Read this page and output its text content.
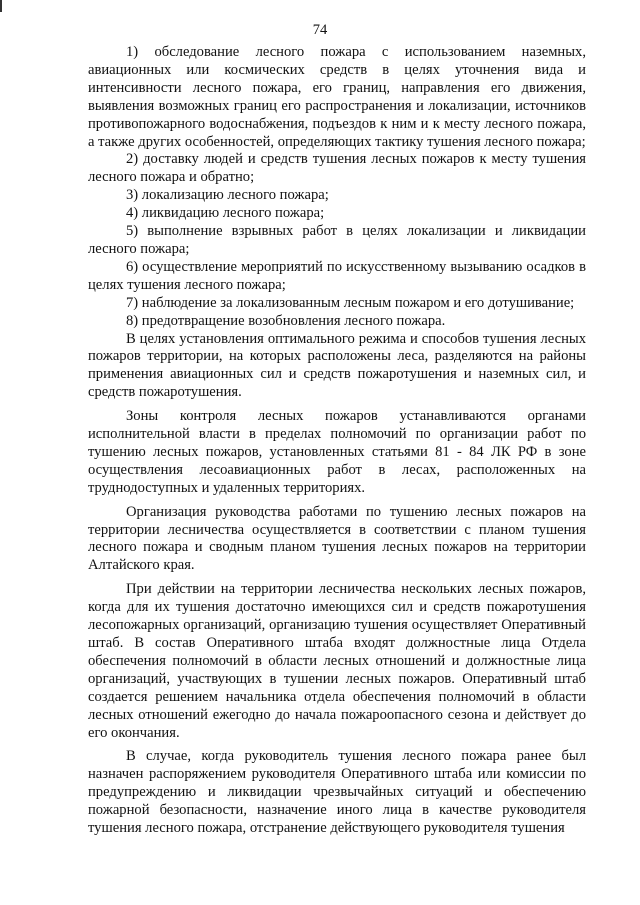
74

1) обследование лесного пожара с использованием наземных, авиационных или космических средств в целях уточнения вида и интенсивности лесного пожара, его границ, направления его движения, выявления возможных границ его распространения и локализации, источников противопожарного водоснабжения, подъездов к ним и к месту лесного пожара, а также других особенностей, определяющих тактику тушения лесного пожара;

2) доставку людей и средств тушения лесных пожаров к месту тушения лесного пожара и обратно;

3) локализацию лесного пожара;

4) ликвидацию лесного пожара;

5) выполнение взрывных работ в целях локализации и ликвидации лесного пожара;

6) осуществление мероприятий по искусственному вызыванию осадков в целях тушения лесного пожара;

7) наблюдение за локализованным лесным пожаром и его дотушивание;

8) предотвращение возобновления лесного пожара.

В целях установления оптимального режима и способов тушения лесных пожаров территории, на которых расположены леса, разделяются на районы применения авиационных сил и средств пожаротушения и наземных сил, и средств пожаротушения.

Зоны контроля лесных пожаров устанавливаются органами исполнительной власти в пределах полномочий по организации работ по тушению лесных пожаров, установленных статьями 81 - 84 ЛК РФ в зоне осуществления лесоавиационных работ в лесах, расположенных на труднодоступных и удаленных территориях.

Организация руководства работами по тушению лесных пожаров на территории лесничества осуществляется в соответствии с планом тушения лесного пожара и сводным планом тушения лесных пожаров на территории Алтайского края.

При действии на территории лесничества нескольких лесных пожаров, когда для их тушения достаточно имеющихся сил и средств пожаротушения лесопожарных организаций, организацию тушения осуществляет Оперативный штаб. В состав Оперативного штаба входят должностные лица Отдела обеспечения полномочий в области лесных отношений и должностные лица организаций, участвующих в тушении лесных пожаров. Оперативный штаб создается решением начальника отдела обеспечения полномочий в области лесных отношений ежегодно до начала пожароопасного сезона и действует до его окончания.

В случае, когда руководитель тушения лесного пожара ранее был назначен распоряжением руководителя Оперативного штаба или комиссии по предупреждению и ликвидации чрезвычайных ситуаций и обеспечению пожарной безопасности, назначение иного лица в качестве руководителя тушения лесного пожара, отстранение действующего руководителя тушения
